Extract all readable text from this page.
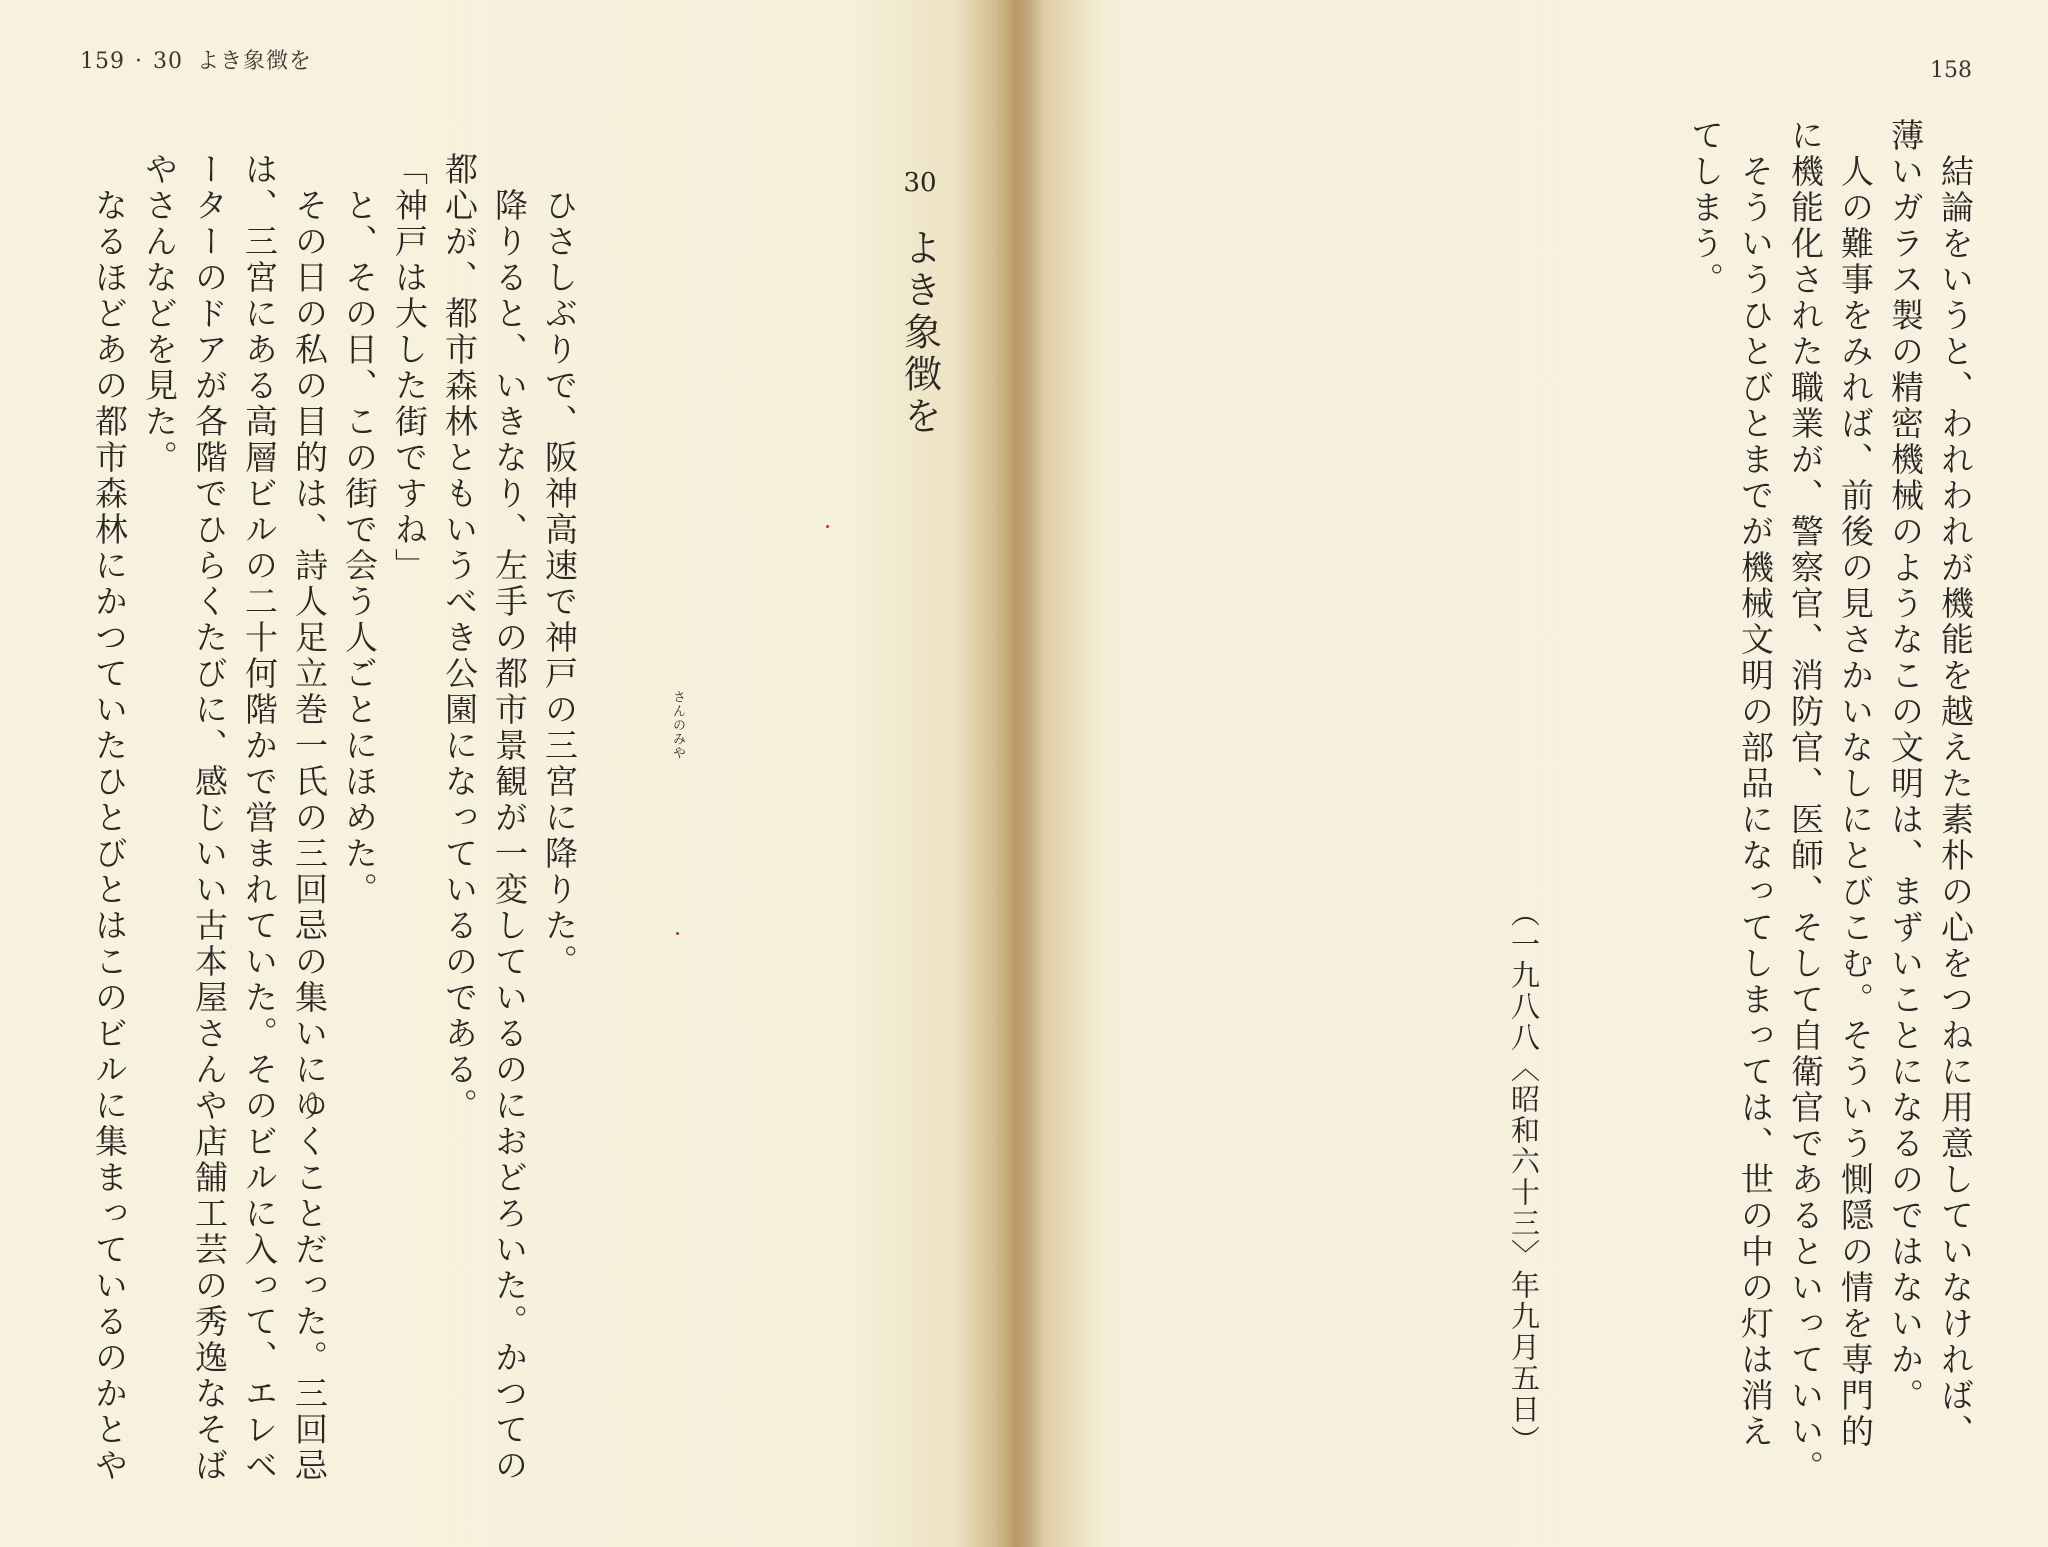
159 · 30 よき象徴を
ひさしぶりで、阪神高速で神戸の三宮に降りた。
降りると、いきなり、左手の都市景観が一変しているのにおどろいた。かつての
都心が、都市森林ともいうべき公園になっているのである。
「神戸は大した街ですね」
と、その日、この街で会う人ごとにほめた。
その日の私の目的は、詩人足立巻一氏の三回忌の集いにゆくことだった。三回忌
は、三宮にある高層ビルの二十何階かで営まれていた。そのビルに入って、エレベ
ーターのドアが各階でひらくたびに、感じいい古本屋さんや店舗工芸の秀逸なそば
やさんなどを見た。
なるほどあの都市森林にかつていたひとびとはこのビルに集まっているのかとや	さんのみや
30
よき象徴を
158
結論をいうと、われわれが機能を越えた素朴の心をつねに用意していなければ、
薄いガラス製の精密機械のようなこの文明は、まずいことになるのではないか。
人の難事をみれば、前後の見さかいなしにとびこむ。そういう惻隠の情を専門的
に機能化された職業が、警察官、消防官、医師、そして自衛官であるといっていい。
そういうひとびとまでが機械文明の部品になってしまっては、世の中の灯は消え
てしまう。
（一九八八〈昭和六十三〉年九月五日）
